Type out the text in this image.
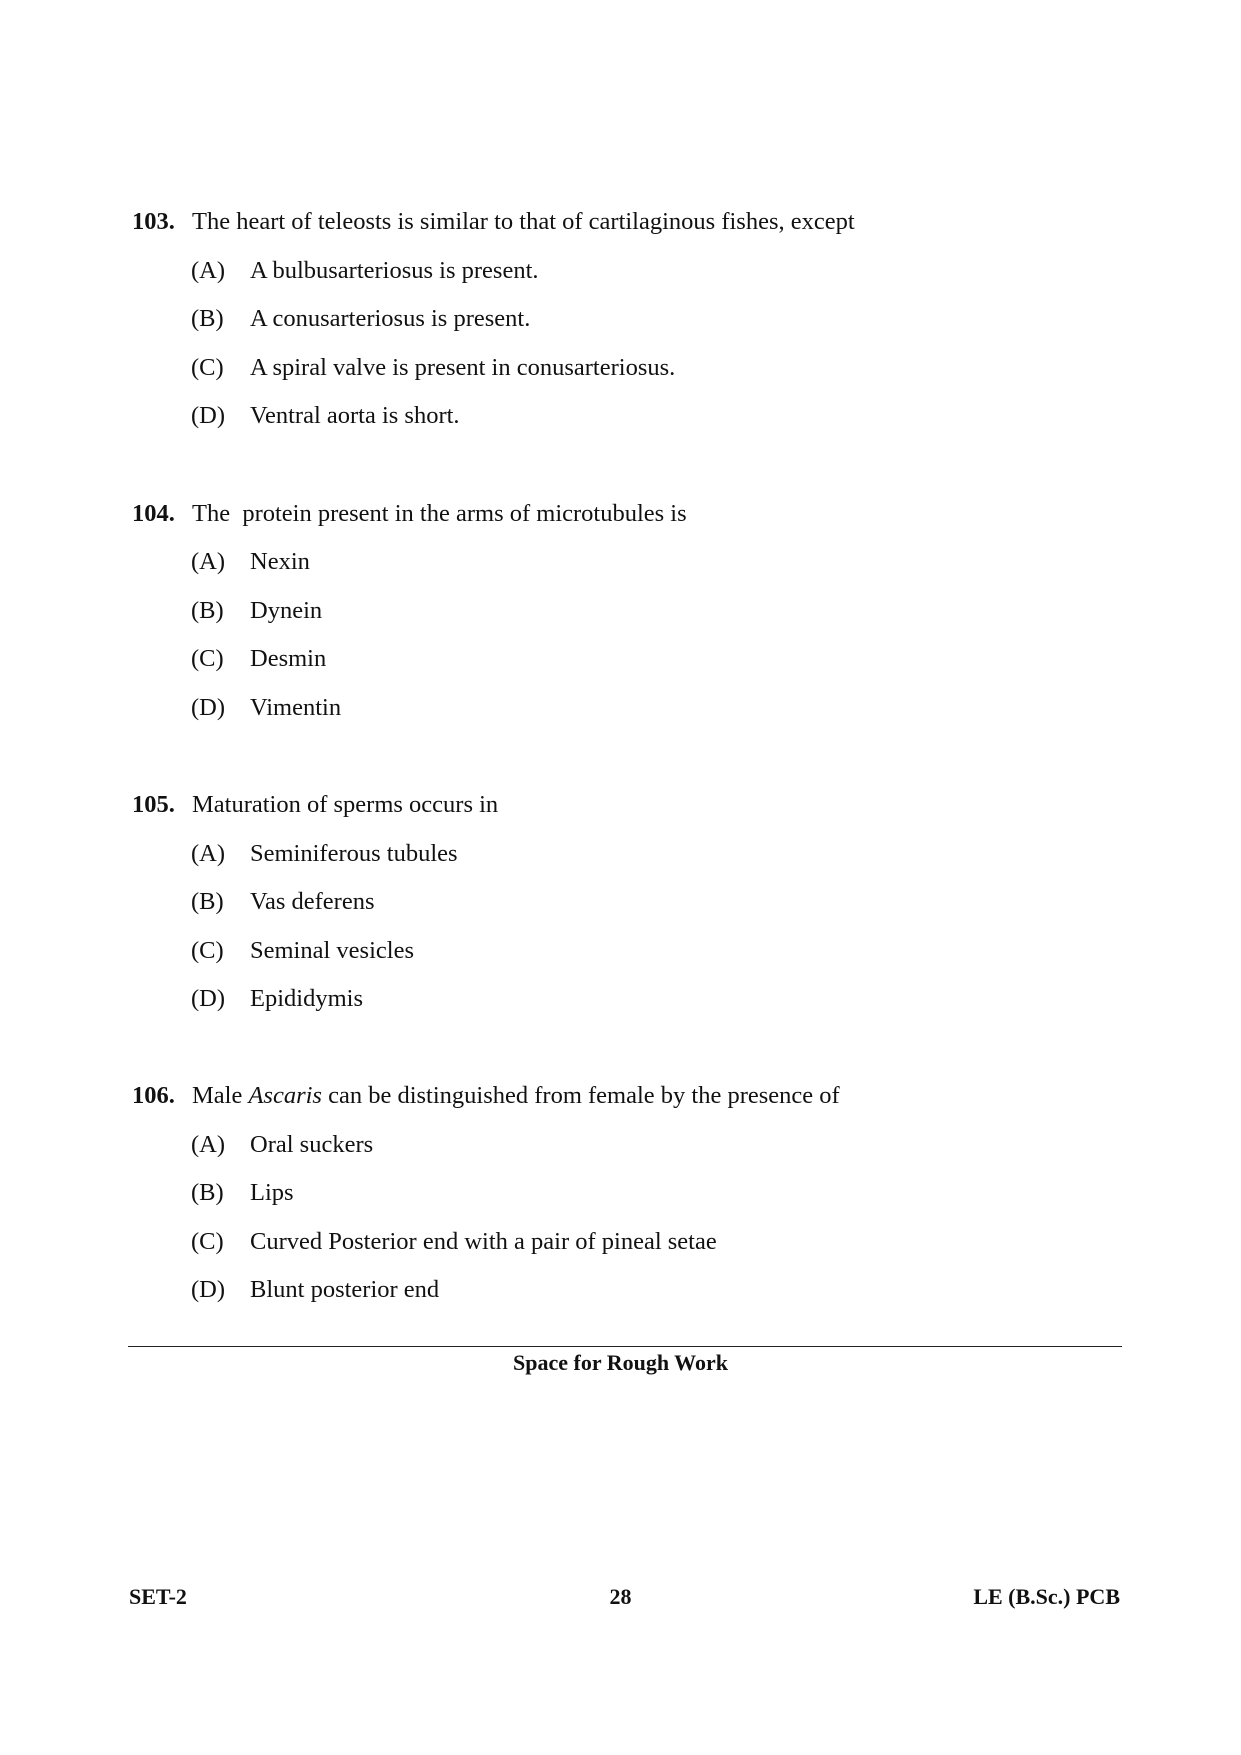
103. The heart of teleosts is similar to that of cartilaginous fishes, except
(A) A bulbusarteriosus is present.
(B) A conusarteriosus is present.
(C) A spiral valve is present in conusarteriosus.
(D) Ventral aorta is short.
104. The  protein present in the arms of microtubules is
(A) Nexin
(B) Dynein
(C) Desmin
(D) Vimentin
105. Maturation of sperms occurs in
(A) Seminiferous tubules
(B) Vas deferens
(C) Seminal vesicles
(D) Epididymis
106. Male Ascaris can be distinguished from female by the presence of
(A) Oral suckers
(B) Lips
(C) Curved Posterior end with a pair of pineal setae
(D) Blunt posterior end
Space for Rough Work
SET-2	28	LE (B.Sc.) PCB
